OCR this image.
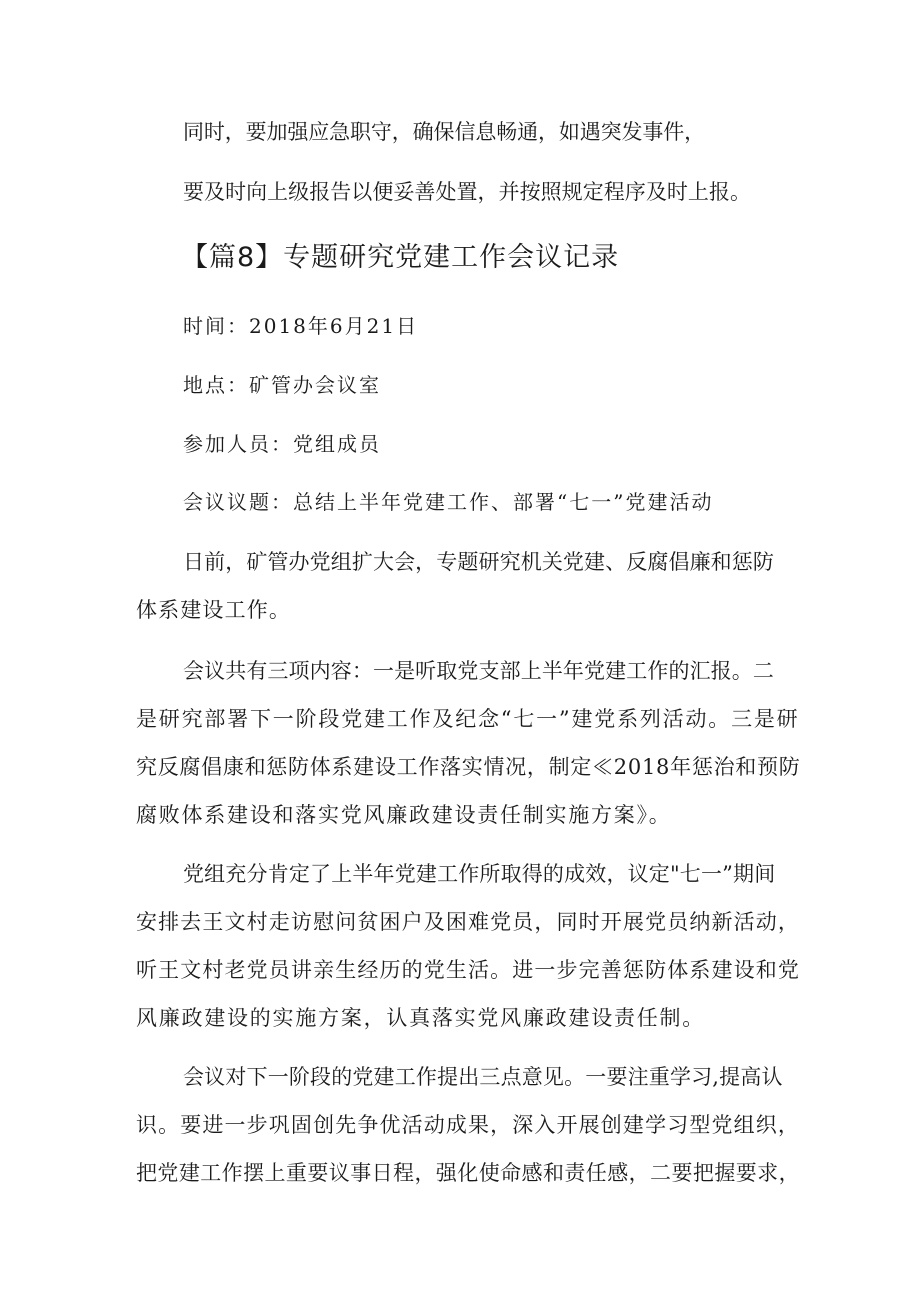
同时，要加强应急职守，确保信息畅通，如遇突发事件，
要及时向上级报告以便妥善处置，并按照规定程序及时上报。
【篇8】专题研究党建工作会议记录
时间：2018年6月21日
地点：矿管办会议室
参加人员：党组成员
会议议题：总结上半年党建工作、部署“七一”党建活动
日前，矿管办党组扩大会，专题研究机关党建、反腐倡廉和惩防
体系建设工作。
会议共有三项内容：一是听取党支部上半年党建工作的汇报。二
是研究部署下一阶段党建工作及纪念“七一”建党系列活动。三是研
究反腐倡康和惩防体系建设工作落实情况，制定≪2018年惩治和预防
腐败体系建设和落实党风廉政建设责任制实施方案》。
党组充分肯定了上半年党建工作所取得的成效，议定"七一”期间
安排去王文村走访慰问贫困户及困难党员，同时开展党员纳新活动，
听王文村老党员讲亲生经历的党生活。进一步完善惩防体系建设和党
风廉政建设的实施方案，认真落实党风廉政建设责任制。
会议对下一阶段的党建工作提出三点意见。一要注重学习,提高认
识。要进一步巩固创先争优活动成果，深入开展创建学习型党组织，
把党建工作摆上重要议事日程，强化使命感和责任感，二要把握要求，
